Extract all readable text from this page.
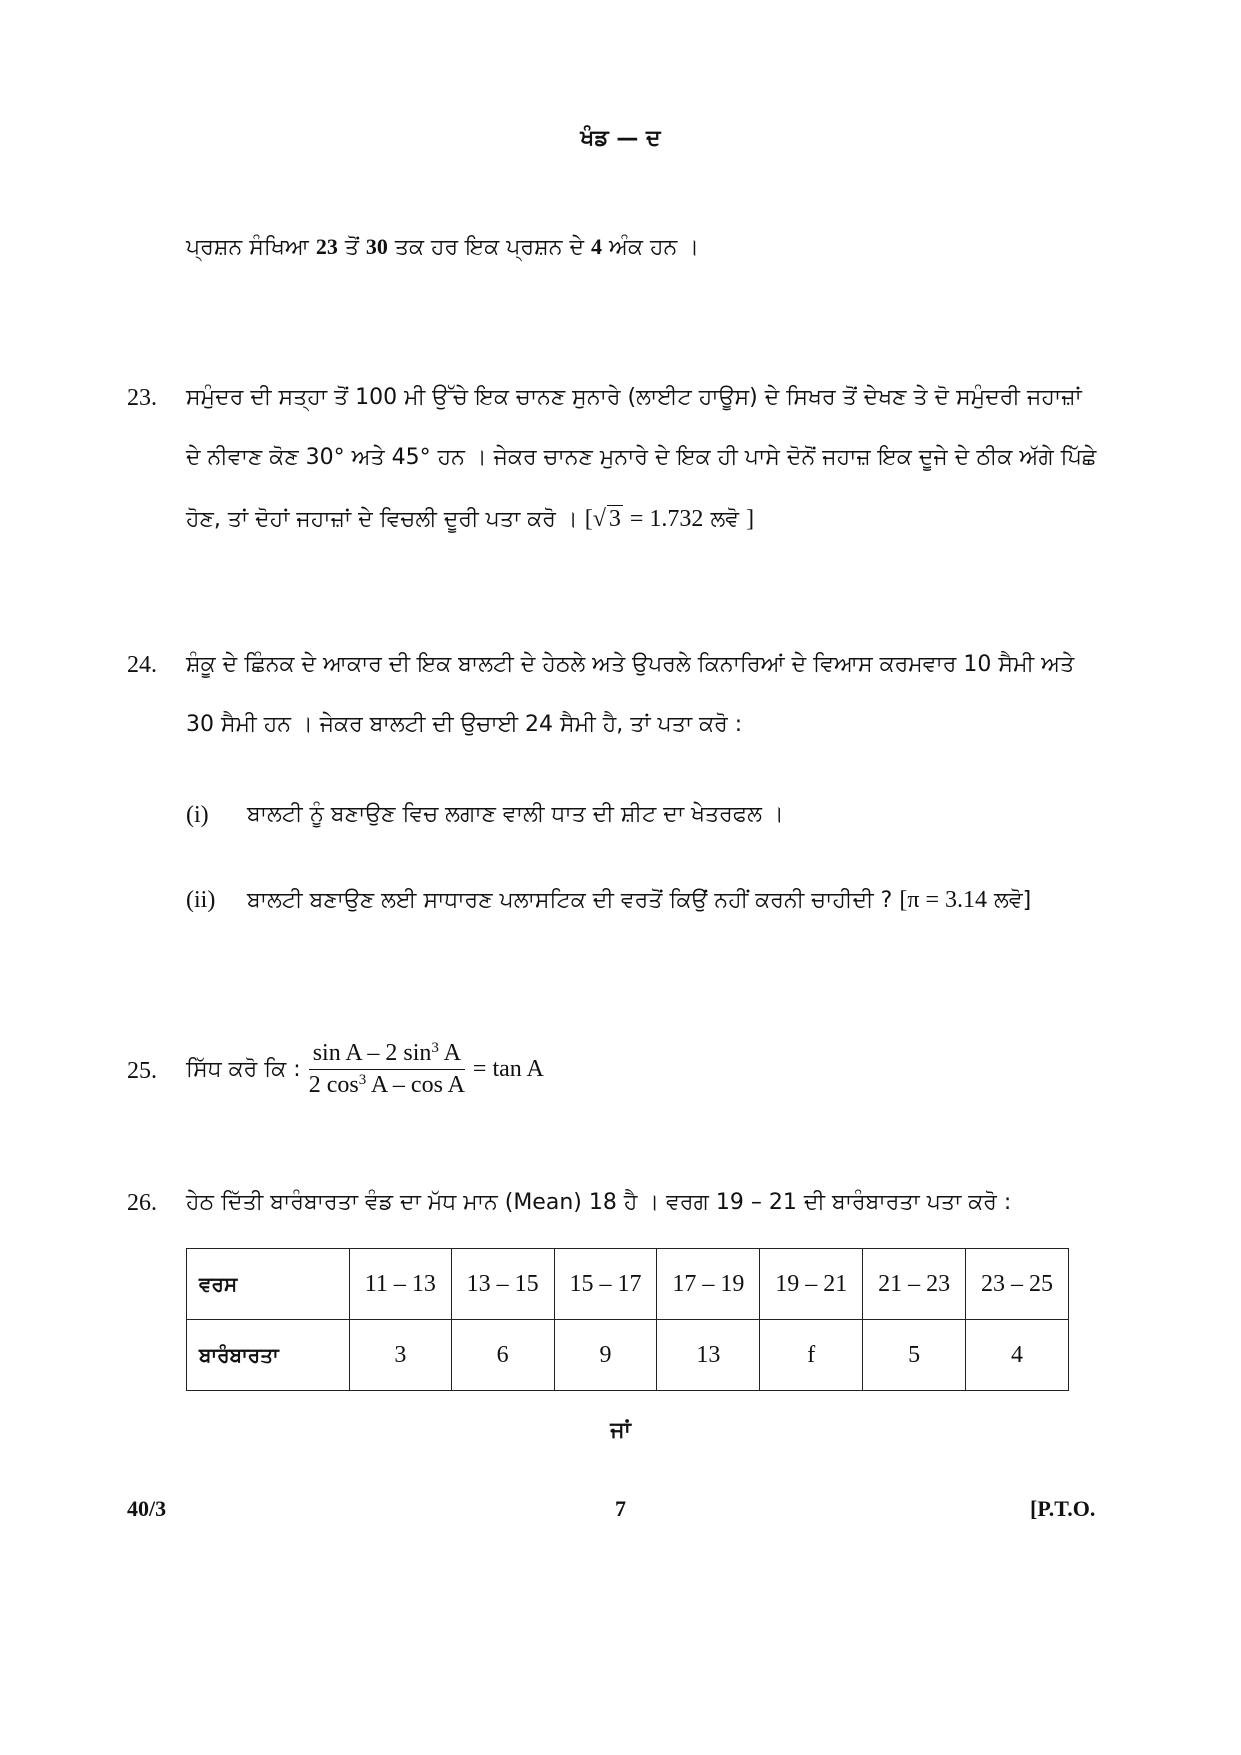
ਖੰਡ — ਦ
ਪ੍ਰਸ਼ਨ ਸੰਖਿਆ 23 ਤੋਂ 30 ਤਕ ਹਰ ਇਕ ਪ੍ਰਸ਼ਨ ਦੇ 4 ਅੰਕ ਹਨ ।
23. ਸਮੁੰਦਰ ਦੀ ਸਤ੍ਹਾ ਤੋਂ 100 ਮੀ ਉੱਚੇ ਇਕ ਚਾਨਣ ਸੁਨਾਰੇ (ਲਾਈਟ ਹਾਊਸ) ਦੇ ਸਿਖਰ ਤੋਂ ਦੇਖਣ ਤੇ ਦੋ ਸਮੁੰਦਰੀ ਜਹਾਜ਼ਾਂ
ਦੇ ਨੀਵਾਣ ਕੋਣ 30° ਅਤੇ 45° ਹਨ । ਜੇਕਰ ਚਾਨਣ ਮੁਨਾਰੇ ਦੇ ਇਕ ਹੀ ਪਾਸੇ ਦੋਨੋਂ ਜਹਾਜ਼ ਇਕ ਦੂਜੇ ਦੇ ਠੀਕ ਅੱਗੇ ਪਿੱਛੇ
ਹੋਣ, ਤਾਂ ਦੋਹਾਂ ਜਹਾਜ਼ਾਂ ਦੇ ਵਿਚਲੀ ਦੂਰੀ ਪਤਾ ਕਰੋ । [√ 3 = 1.732 ਲਵੋ ]
24. ਸ਼ੰਕੂ ਦੇ ਛਿੰਨਕ ਦੇ ਆਕਾਰ ਦੀ ਇਕ ਬਾਲਟੀ ਦੇ ਹੇਠਲੇ ਅਤੇ ਉਪਰਲੇ ਕਿਨਾਰਿਆਂ ਦੇ ਵਿਆਸ ਕਰਮਵਾਰ 10 ਸੈਮੀ ਅਤੇ
30 ਸੈਮੀ ਹਨ । ਜੇਕਰ ਬਾਲਟੀ ਦੀ ਉਚਾਈ 24 ਸੈਮੀ ਹੈ, ਤਾਂ ਪਤਾ ਕਰੋ :
(i) ਬਾਲਟੀ ਨੂੰ ਬਣਾਉਣ ਵਿਚ ਲਗਾਣ ਵਾਲੀ ਧਾਤ ਦੀ ਸ਼ੀਟ ਦਾ ਖੇਤਰਫਲ ।
(ii) ਬਾਲਟੀ ਬਣਾਉਣ ਲਈ ਸਾਧਾਰਣ ਪਲਾਸਟਿਕ ਦੀ ਵਰਤੋਂ ਕਿਉਂ ਨਹੀਂ ਕਰਨੀ ਚਾਹੀਦੀ ? [π = 3.14 ਲਵੋ]
25. ਸਿੱਧ ਕਰੋ ਕਿ : $\frac{\sin A - 2 \sin^3 A}{2 \cos^3 A - \cos A} = \tan A$
26. ਹੇਠ ਦਿੱਤੀ ਬਾਰੰਬਾਰਤਾ ਵੰਡ ਦਾ ਮੱਧ ਮਾਨ (Mean) 18 ਹੈ । ਵਰਗ 19 – 21 ਦੀ ਬਾਰੰਬਾਰਤਾ ਪਤਾ ਕਰੋ :
ਵਰਸ	11 – 13	13 – 15	15 – 17	17 – 19	19 – 21	21 – 23	23 – 25
ਬਾਰੰਬਾਰਤਾ	3	6	9	13	f	5	4
ਜਾਂ
40/3	7	[P.T.O.
